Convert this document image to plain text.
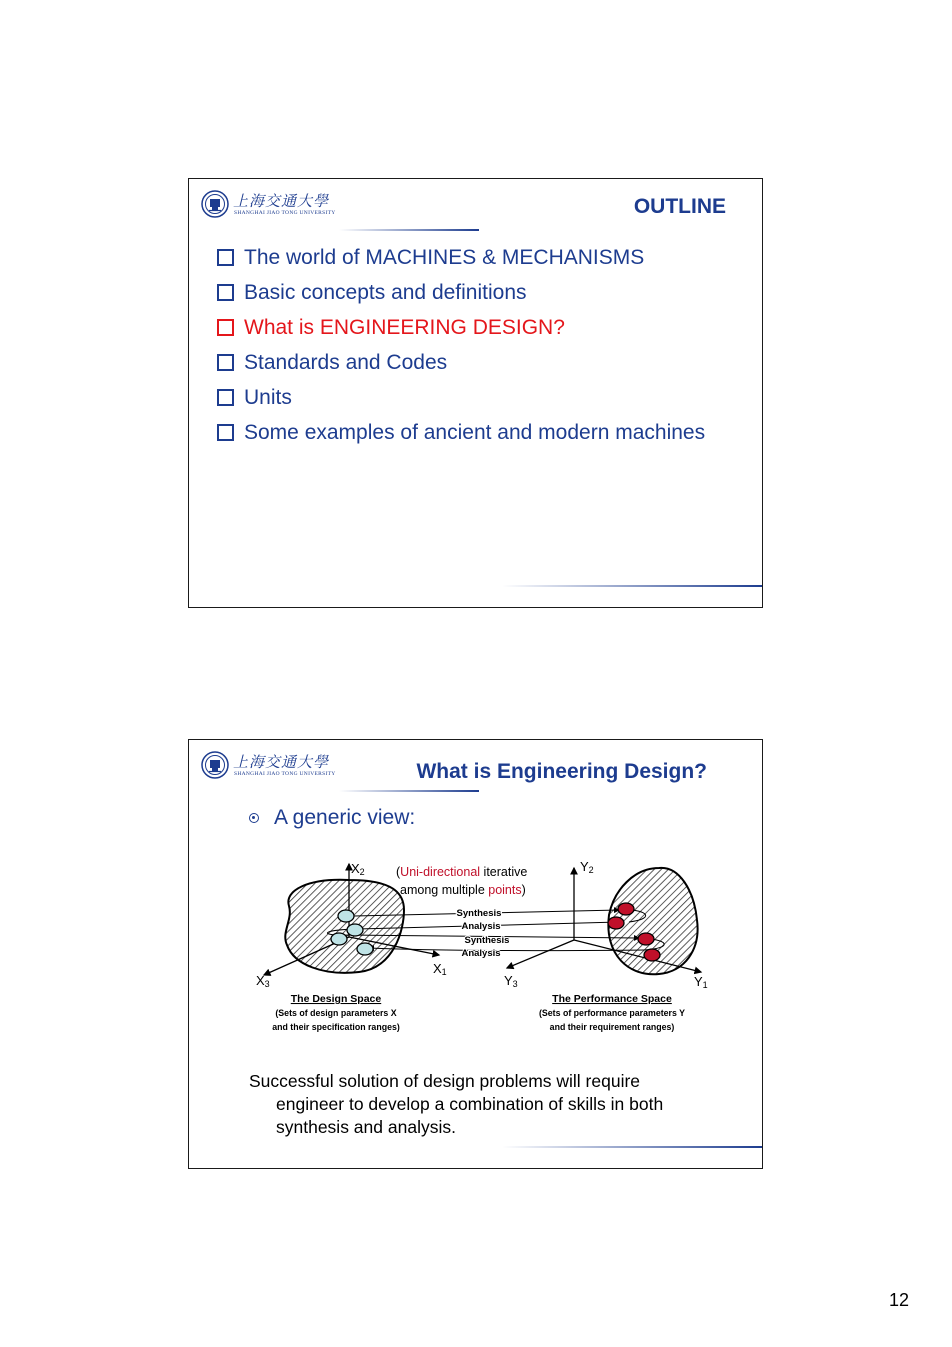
上海交通大學
SHANGHAI JIAO TONG UNIVERSITY	OUTLINE
The world of MACHINES & MECHANISMS
Basic concepts and definitions
What is ENGINEERING DESIGN?
Standards and Codes
Units
Some examples of ancient and modern machines
上海交通大學
SHANGHAI JIAO TONG UNIVERSITY	What is Engineering Design?
A generic view:
Synthesis
Analysis
Synthesis
Analysis
X2
X1
X3
Y2
Y1
Y3
(Uni-directional iterative
among multiple points)
The Design Space
(Sets of design parameters X
and their specification ranges)
The Performance Space
(Sets of performance parameters Y
and their requirement ranges)
Successful solution of design problems will require
engineer to develop a combination of skills in both synthesis and analysis.
12
